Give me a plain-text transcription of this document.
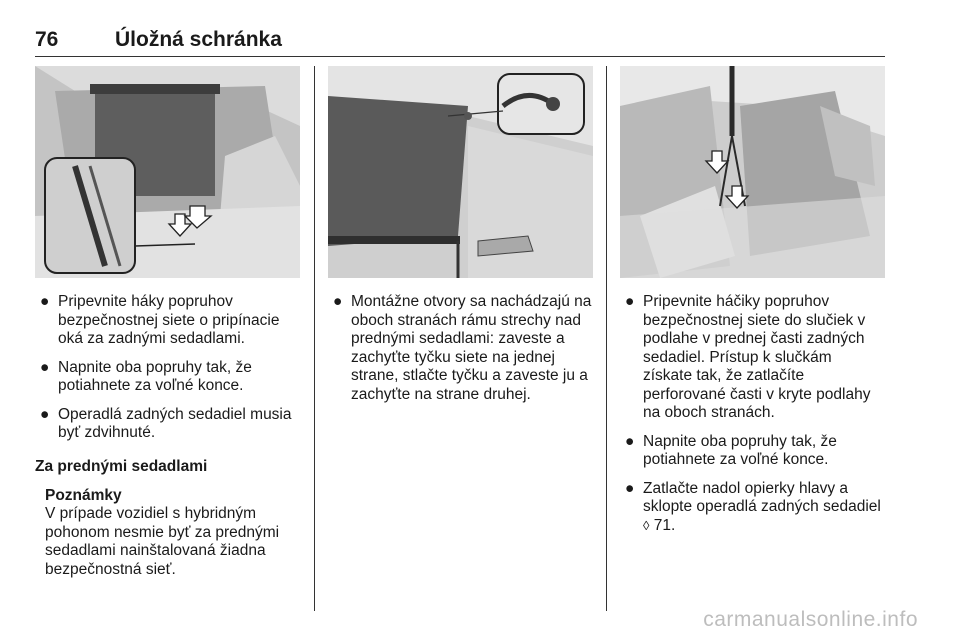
76	Úložná schránka
● Pripevnite háky popruhov bezpečnostnej siete o pripínacie oká za zadnými sedadlami.
● Napnite oba popruhy tak, že potiahnete za voľné konce.
● Operadlá zadných sedadiel musia byť zdvihnuté.
Za prednými sedadlami
Poznámky
V prípade vozidiel s hybridným pohonom nesmie byť za prednými sedadlami nainštalovaná žiadna bezpečnostná sieť.
● Montážne otvory sa nachádzajú na oboch stranách rámu strechy nad prednými sedadlami: zaveste a zachyťte tyčku siete na jednej strane, stlačte tyčku a zaveste ju a zachyťte na strane druhej.
● Pripevnite háčiky popruhov bezpečnostnej siete do slučiek v podlahe v prednej časti zadných sedadiel. Prístup k slučkám získate tak, že zatlačíte perforované časti v kryte podlahy na oboch stranách.
● Napnite oba popruhy tak, že potiahnete za voľné konce.
● Zatlačte nadol opierky hlavy a sklopte operadlá zadných sedadiel ◊ 71.
carmanualsonline.info
